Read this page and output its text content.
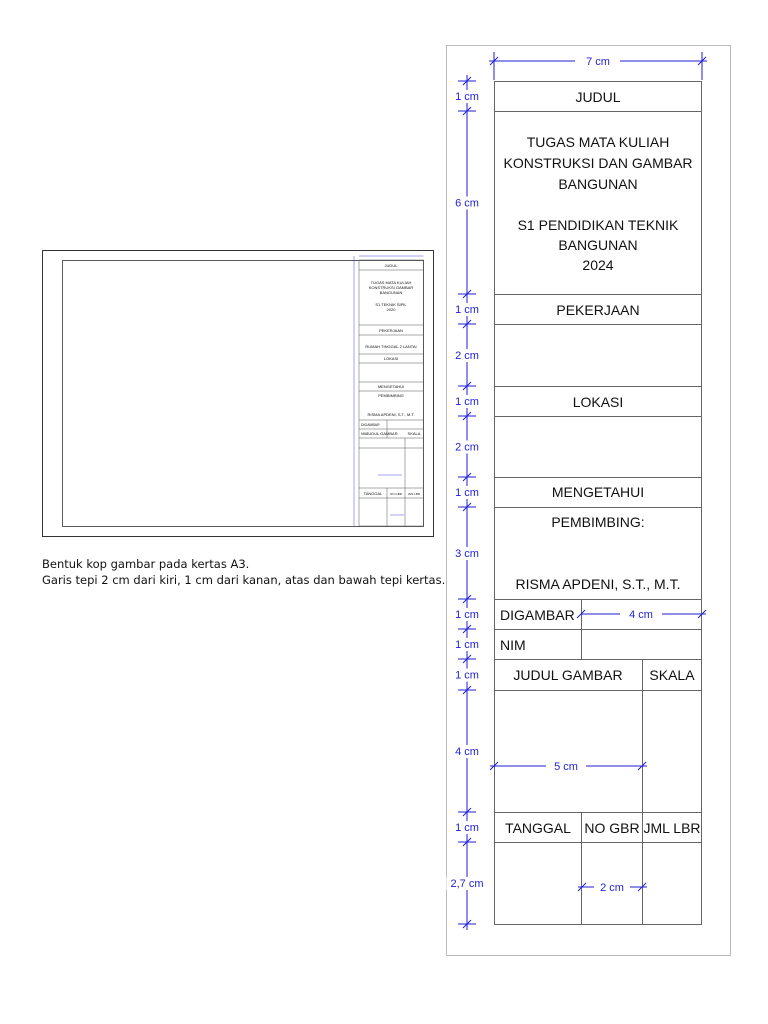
JUDUL
TUGAS MATA KULIAH
KONSTRUKSI GAMBAR
BANGUNAN
S1 TEKNIK SIPIL
2020
PEKERJAAN
RUMAH TINGGAL 2 LANTAI
LOKASI
MENGETAHUI
PEMBIMBING
RISMA APDENI, S.T., M.T.
SKALA
JUDUL GAMBAR
TANGGAL	NO GBR JML LBR
DIGAMBAR
NIM
Bentuk kop gambar pada kertas A3.
Garis tepi 2 cm dari kiri, 1 cm dari kanan, atas dan bawah tepi kertas.
JUDUL
TUGAS MATA KULIAH
KONSTRUKSI DAN GAMBAR
BANGUNAN
S1 PENDIDIKAN TEKNIK
BANGUNAN
2024
PEKERJAAN
LOKASI
MENGETAHUI
PEMBIMBING:
RISMA APDENI, S.T., M.T.
JUDUL GAMBAR SKALA
TANGGAL NO GBR JML LBR
DIGAMBAR
NIM
1 cm
6 cm
1 cm
2 cm
1 cm
2 cm
1 cm
3 cm
1 cm
1 cm
1 cm
4 cm
1 cm
2,7 cm
7 cm
4 cm
5 cm
2 cm
